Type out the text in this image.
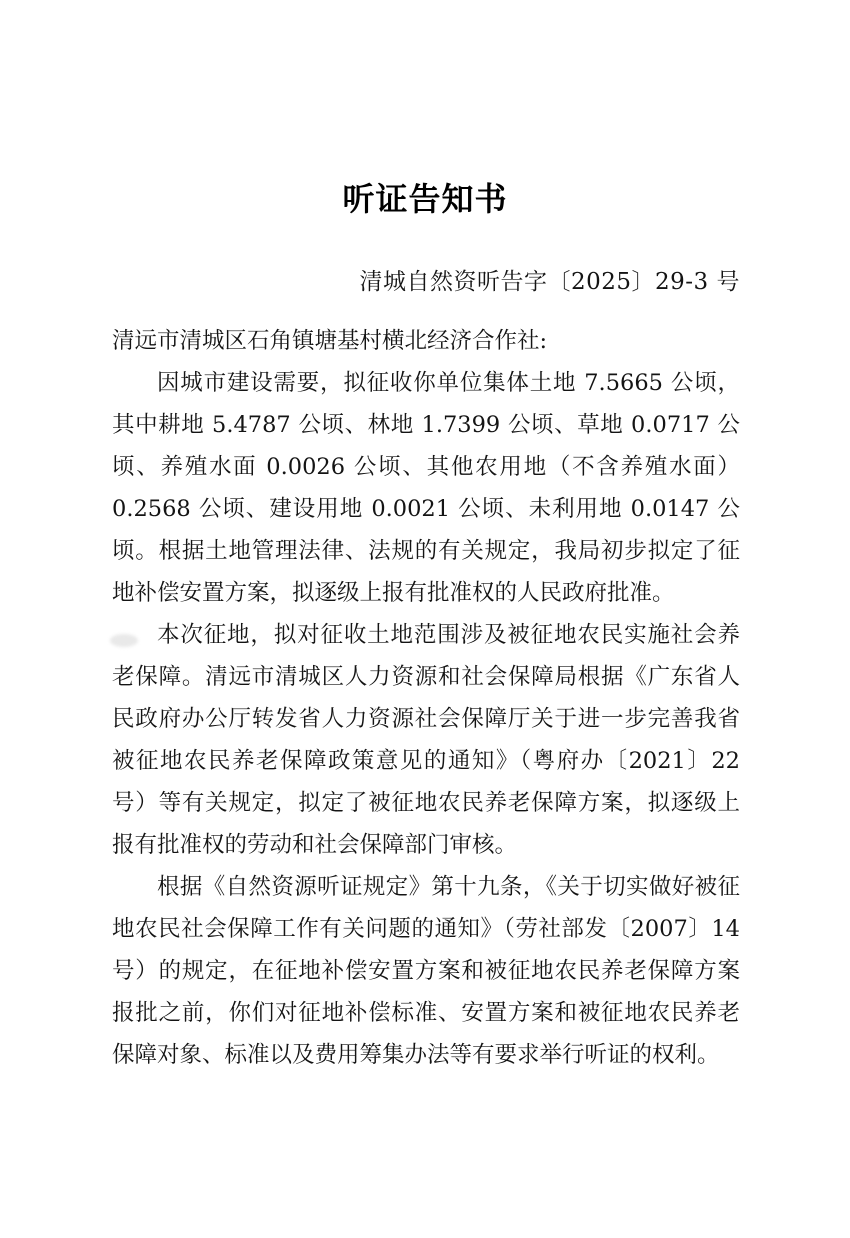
听证告知书
清城自然资听告字〔2025〕29-3 号

清远市清城区石角镇塘基村横北经济合作社:

因城市建设需要，拟征收你单位集体土地 7.5665 公顷，其中耕地 5.4787 公顷、林地 1.7399 公顷、草地 0.0717 公顷、养殖水面 0.0026 公顷、其他农用地（不含养殖水面）0.2568 公顷、建设用地 0.0021 公顷、未利用地 0.0147 公顷。根据土地管理法律、法规的有关规定，我局初步拟定了征地补偿安置方案，拟逐级上报有批准权的人民政府批准。

本次征地，拟对征收土地范围涉及被征地农民实施社会养老保障。清远市清城区人力资源和社会保障局根据《广东省人民政府办公厅转发省人力资源社会保障厅关于进一步完善我省被征地农民养老保障政策意见的通知》（粤府办〔2021〕22 号）等有关规定，拟定了被征地农民养老保障方案，拟逐级上报有批准权的劳动和社会保障部门审核。

根据《自然资源听证规定》第十九条，《关于切实做好被征地农民社会保障工作有关问题的通知》（劳社部发〔2007〕14 号）的规定，在征地补偿安置方案和被征地农民养老保障方案报批之前，你们对征地补偿标准、安置方案和被征地农民养老保障对象、标准以及费用筹集办法等有要求举行听证的权利。
